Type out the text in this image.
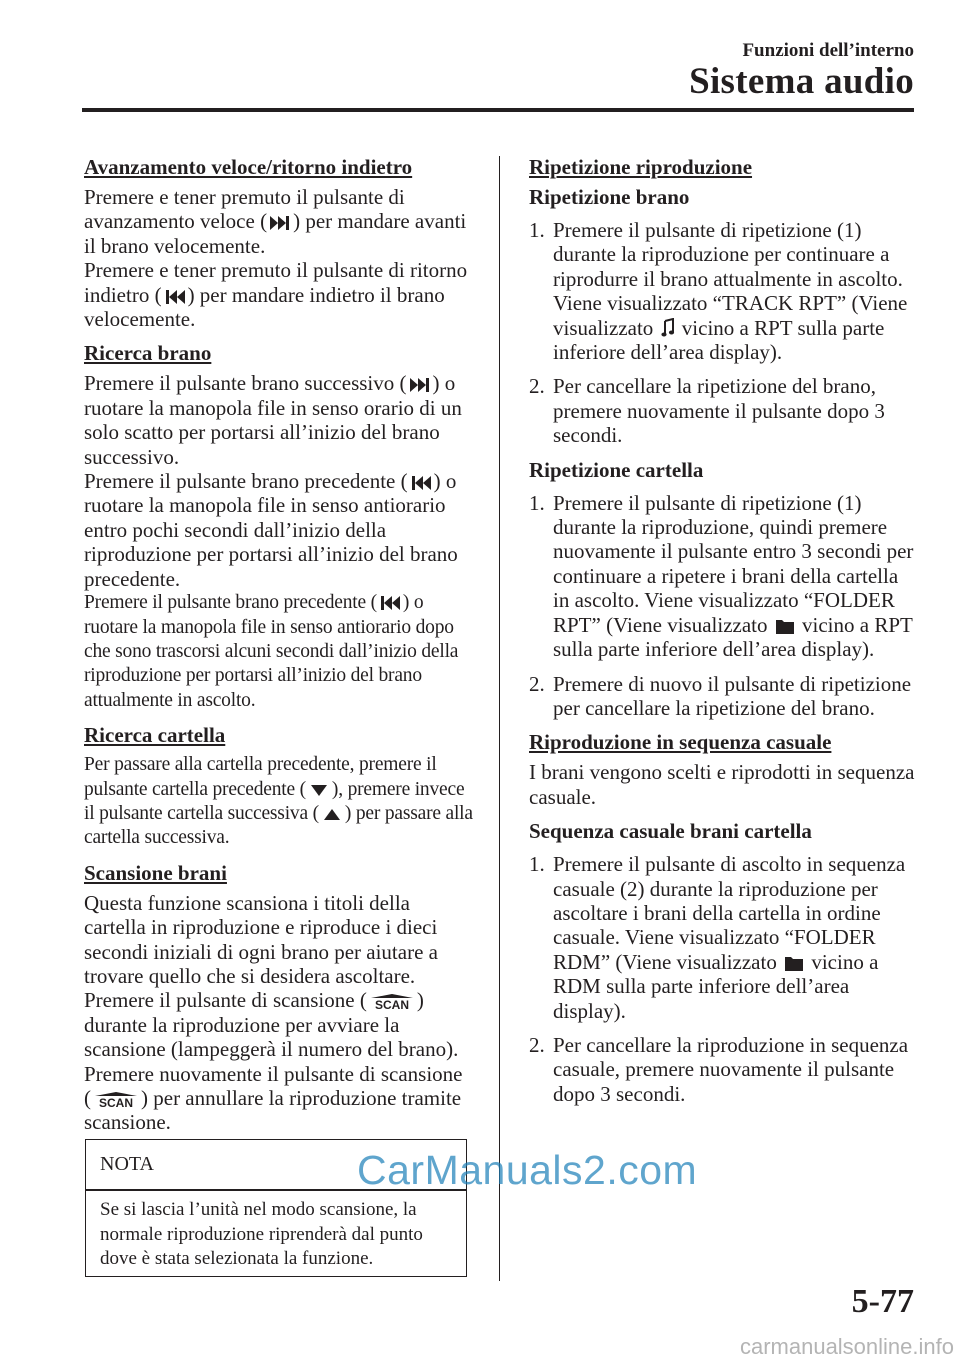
Funzioni dell’interno
Sistema audio
Avanzamento veloce/ritorno indietro

Premere e tener premuto il pulsante di avanzamento veloce ( ) per mandare avanti il brano velocemente.
Premere e tener premuto il pulsante di ritorno indietro ( ) per mandare indietro il brano velocemente.

Ricerca brano

Premere il pulsante brano successivo ( ) o ruotare la manopola file in senso orario di un solo scatto per portarsi all’inizio del brano successivo.
Premere il pulsante brano precedente ( ) o ruotare la manopola file in senso antiorario entro pochi secondi dall’inizio della riproduzione per portarsi all’inizio del brano precedente.

Premere il pulsante brano precedente ( ) o ruotare la manopola file in senso antiorario dopo che sono trascorsi alcuni secondi dall’inizio della riproduzione per portarsi all’inizio del brano attualmente in ascolto.

Ricerca cartella

Per passare alla cartella precedente, premere il pulsante cartella precedente ( ), premere invece il pulsante cartella successiva ( ) per passare alla cartella successiva.

Scansione brani

Questa funzione scansiona i titoli della cartella in riproduzione e riproduce i dieci secondi iniziali di ogni brano per aiutare a trovare quello che si desidera ascoltare. Premere il pulsante di scansione ( SCAN ) durante la riproduzione per avviare la scansione (lampeggerà il numero del brano). Premere nuovamente il pulsante di scansione ( SCAN ) per annullare la riproduzione tramite scansione.

NOTA
Se si lascia l’unità nel modo scansione, la normale riproduzione riprenderà dal punto dove è stata selezionata la funzione.
Ripetizione riproduzione
Ripetizione brano
1. Premere il pulsante di ripetizione (1) durante la riproduzione per continuare a riprodurre il brano attualmente in ascolto. Viene visualizzato “TRACK RPT” (Viene visualizzato  vicino a RPT sulla parte inferiore dell’area display).
2. Per cancellare la ripetizione del brano, premere nuovamente il pulsante dopo 3 secondi.
Ripetizione cartella
1. Premere il pulsante di ripetizione (1) durante la riproduzione, quindi premere nuovamente il pulsante entro 3 secondi per continuare a ripetere i brani della cartella in ascolto. Viene visualizzato “FOLDER RPT” (Viene visualizzato  vicino a RPT sulla parte inferiore dell’area display).
2. Premere di nuovo il pulsante di ripetizione per cancellare la ripetizione del brano.
Riproduzione in sequenza casuale

I brani vengono scelti e riprodotti in sequenza casuale.

Sequenza casuale brani cartella
1. Premere il pulsante di ascolto in sequenza casuale (2) durante la riproduzione per ascoltare i brani della cartella in ordine casuale. Viene visualizzato “FOLDER RDM” (Viene visualizzato  vicino a RDM sulla parte inferiore dell’area display).
2. Per cancellare la riproduzione in sequenza casuale, premere nuovamente il pulsante dopo 3 secondi.
CarManuals2.com
5-77
carmanualsonline.info
